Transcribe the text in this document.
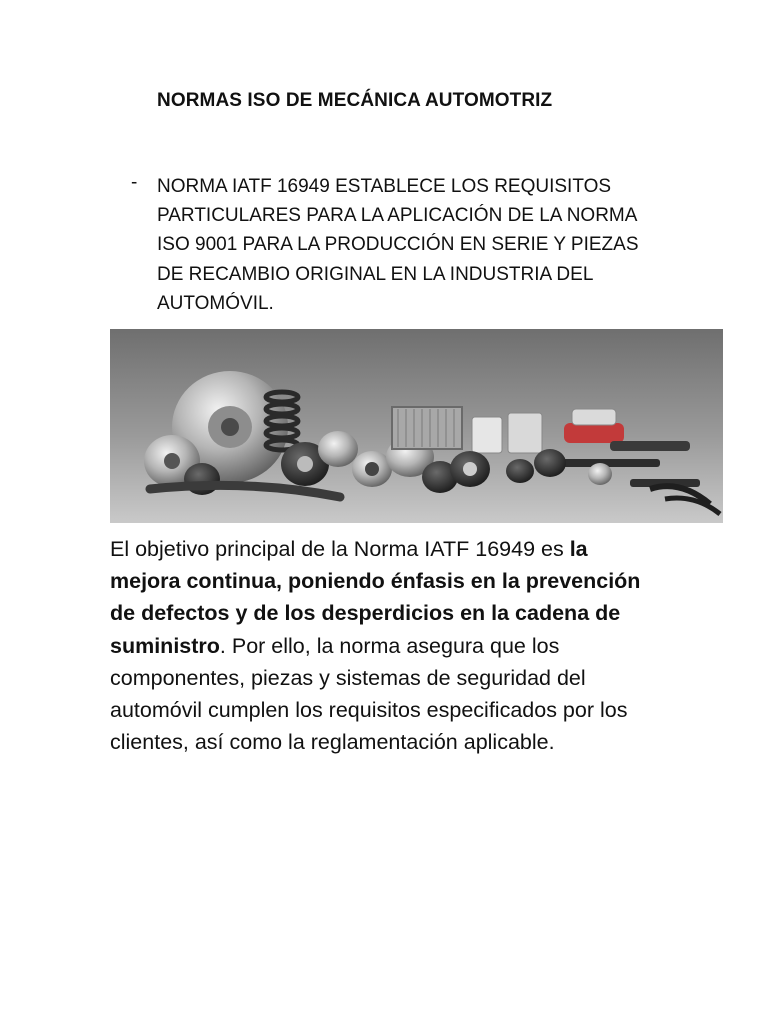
NORMAS ISO DE MECÁNICA AUTOMOTRIZ
- NORMA IATF 16949 ESTABLECE LOS REQUISITOS PARTICULARES PARA LA APLICACIÓN DE LA NORMA ISO 9001 PARA LA PRODUCCIÓN EN SERIE Y PIEZAS DE RECAMBIO ORIGINAL EN LA INDUSTRIA DEL AUTOMÓVIL.
El objetivo principal de la Norma IATF 16949 es la mejora continua, poniendo énfasis en la prevención de defectos y de los desperdicios en la cadena de suministro. Por ello, la norma asegura que los componentes, piezas y sistemas de seguridad del automóvil cumplen los requisitos especificados por los clientes, así como la reglamentación aplicable.
